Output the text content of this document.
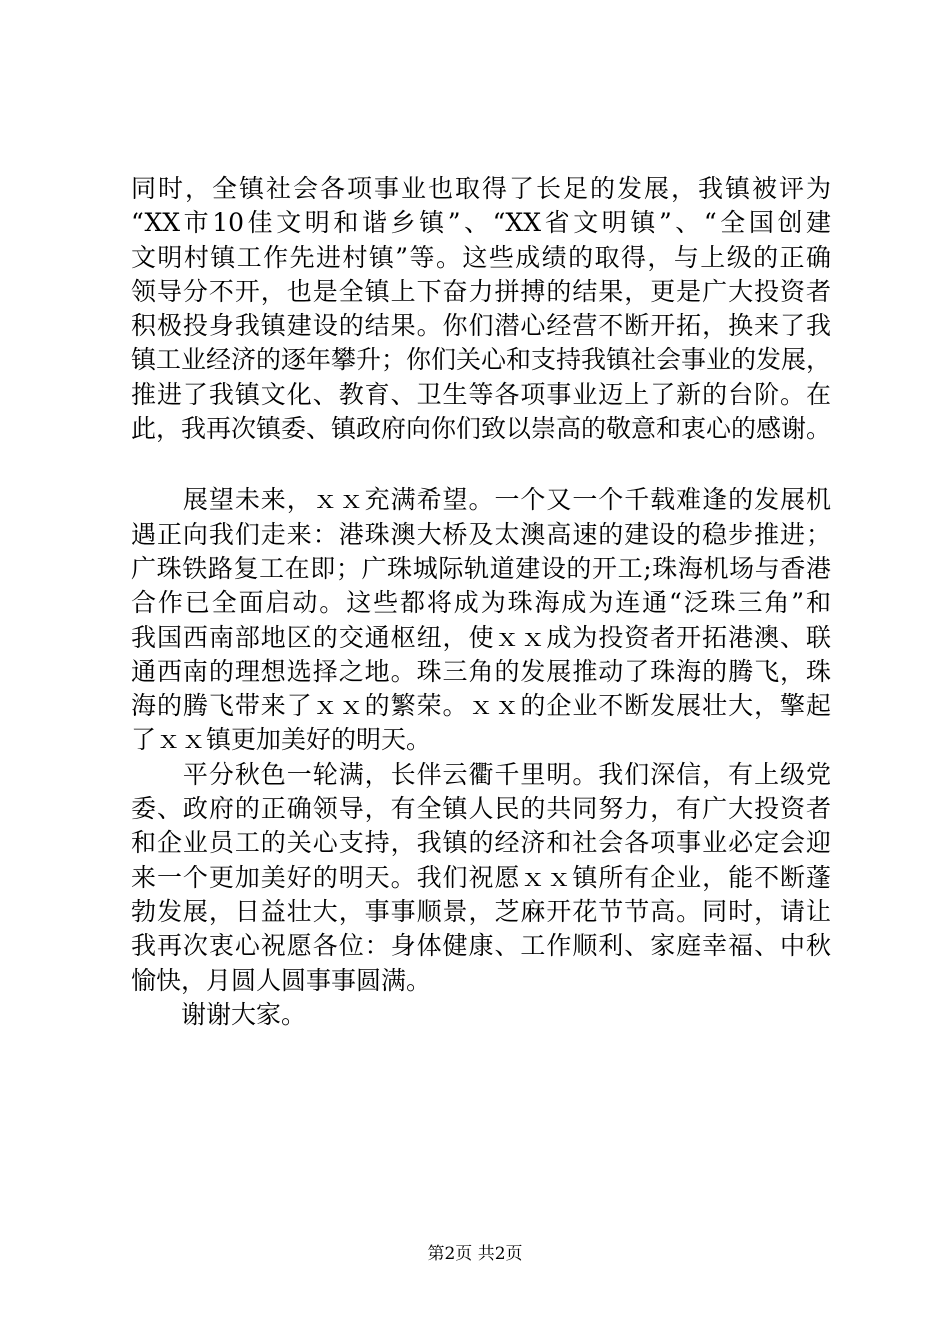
同时，全镇社会各项事业也取得了长足的发展，我镇被评为
“XX市10佳文明和谐乡镇”、“XX省文明镇”、“全国创建
文明村镇工作先进村镇”等。这些成绩的取得，与上级的正确
领导分不开，也是全镇上下奋力拼搏的结果，更是广大投资者
积极投身我镇建设的结果。你们潜心经营不断开拓，换来了我
镇工业经济的逐年攀升；你们关心和支持我镇社会事业的发展，
推进了我镇文化、教育、卫生等各项事业迈上了新的台阶。在
此，我再次镇委、镇政府向你们致以崇高的敬意和衷心的感谢。
　　展望未来，ｘｘ充满希望。一个又一个千载难逢的发展机
遇正向我们走来：港珠澳大桥及太澳高速的建设的稳步推进；
广珠铁路复工在即；广珠城际轨道建设的开工;珠海机场与香港
合作已全面启动。这些都将成为珠海成为连通“泛珠三角”和
我国西南部地区的交通枢纽，使ｘｘ成为投资者开拓港澳、联
通西南的理想选择之地。珠三角的发展推动了珠海的腾飞，珠
海的腾飞带来了ｘｘ的繁荣。ｘｘ的企业不断发展壮大，擎起
了ｘｘ镇更加美好的明天。
　　平分秋色一轮满，长伴云衢千里明。我们深信，有上级党
委、政府的正确领导，有全镇人民的共同努力，有广大投资者
和企业员工的关心支持，我镇的经济和社会各项事业必定会迎
来一个更加美好的明天。我们祝愿ｘｘ镇所有企业，能不断蓬
勃发展，日益壮大，事事顺景，芝麻开花节节高。同时，请让
我再次衷心祝愿各位：身体健康、工作顺利、家庭幸福、中秋
愉快，月圆人圆事事圆满。
　　谢谢大家。
第2页 共2页
